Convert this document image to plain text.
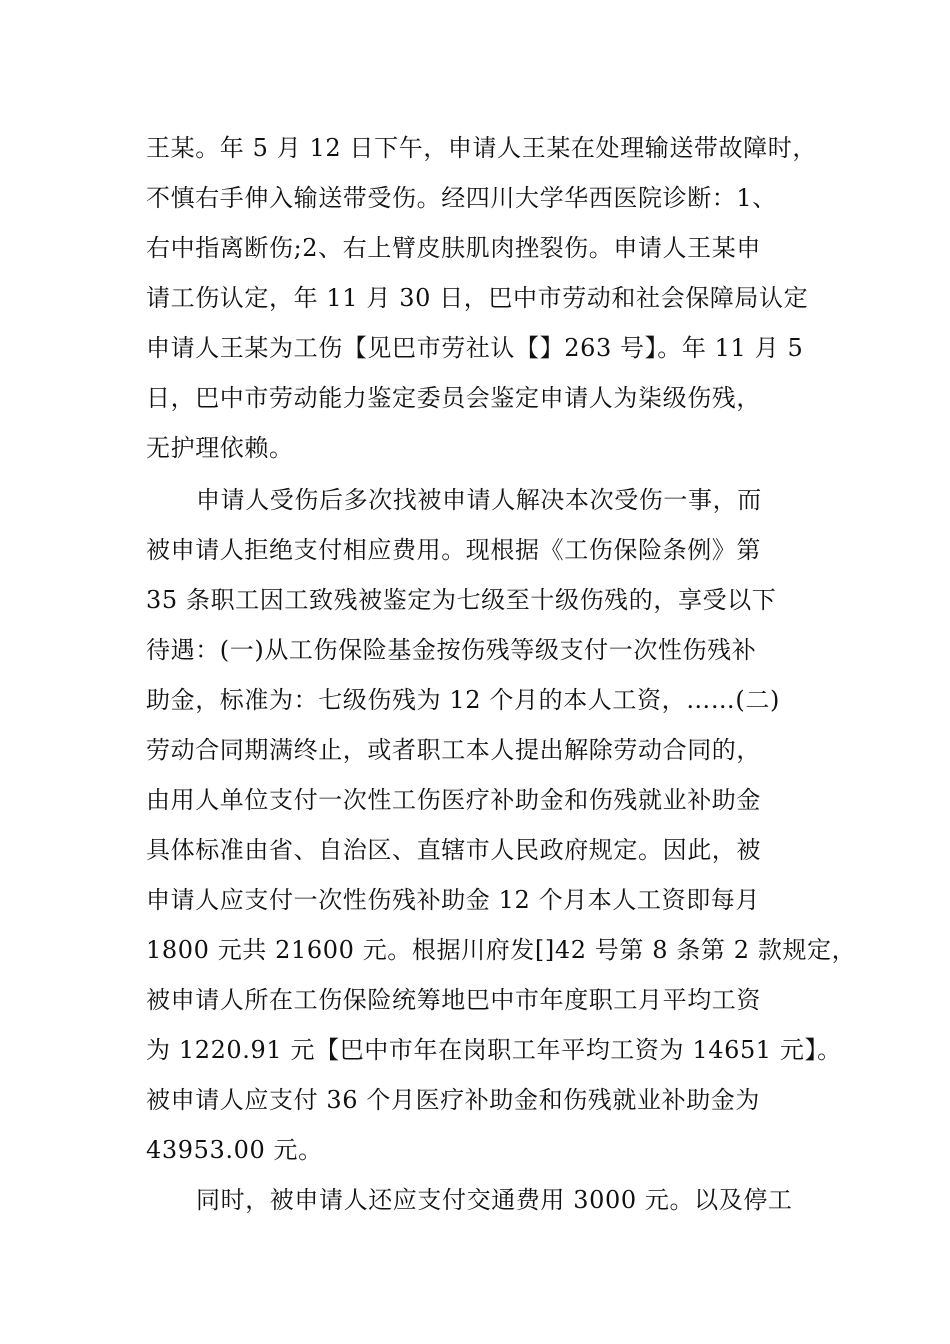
王某。年 5 月 12 日下午，申请人王某在处理输送带故障时，
不慎右手伸入输送带受伤。经四川大学华西医院诊断：1、
右中指离断伤;2、右上臂皮肤肌肉挫裂伤。申请人王某申
请工伤认定，年 11 月 30 日，巴中市劳动和社会保障局认定
申请人王某为工伤【见巴市劳社认【】263 号】。年 11 月 5
日，巴中市劳动能力鉴定委员会鉴定申请人为柒级伤残，
无护理依赖。
申请人受伤后多次找被申请人解决本次受伤一事，而
被申请人拒绝支付相应费用。现根据《工伤保险条例》第
35 条职工因工致残被鉴定为七级至十级伤残的，享受以下
待遇：(一)从工伤保险基金按伤残等级支付一次性伤残补
助金，标准为：七级伤残为 12 个月的本人工资，……(二)
劳动合同期满终止，或者职工本人提出解除劳动合同的，
由用人单位支付一次性工伤医疗补助金和伤残就业补助金
具体标准由省、自治区、直辖市人民政府规定。因此，被
申请人应支付一次性伤残补助金 12 个月本人工资即每月
1800 元共 21600 元。根据川府发[]42 号第 8 条第 2 款规定，
被申请人所在工伤保险统筹地巴中市年度职工月平均工资
为 1220.91 元【巴中市年在岗职工年平均工资为 14651 元】。
被申请人应支付 36 个月医疗补助金和伤残就业补助金为
43953.00 元。
同时，被申请人还应支付交通费用 3000 元。以及停工
